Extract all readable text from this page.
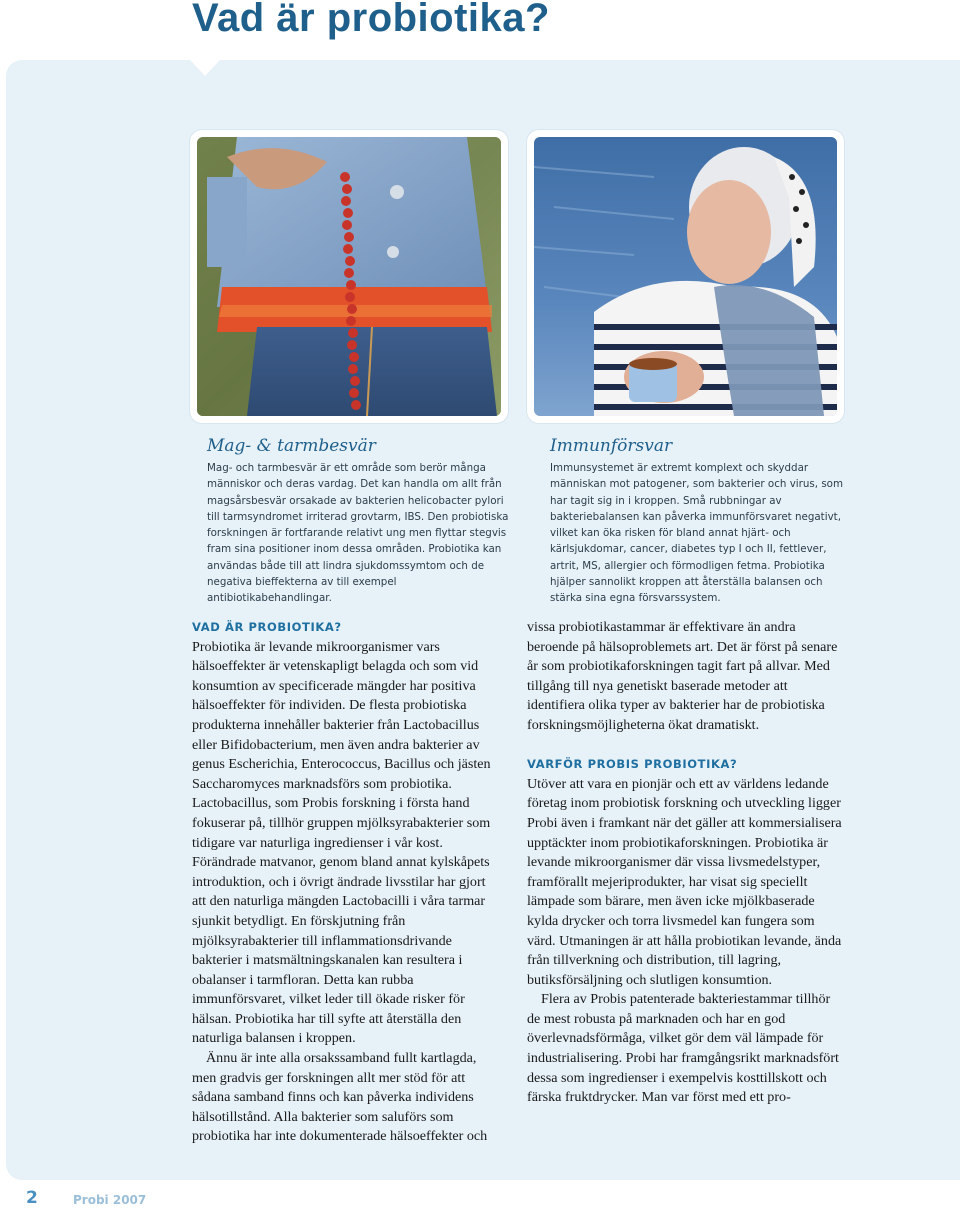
Vad är probiotika?
Mag- & tarmbesvär

Mag- och tarmbesvär är ett område som berör många människor och deras vardag. Det kan handla om allt från magsårsbesvär orsakade av bakterien helicobacter pylori till tarmsyndromet irriterad grovtarm, IBS. Den probiotiska forskningen är fortfarande relativt ung men flyttar stegvis fram sina positioner inom dessa områden. Probiotika kan användas både till att lindra sjukdomssymtom och de negativa bieffekterna av till exempel antibiotikabehandlingar.

Immunförsvar

Immunsystemet är extremt komplext och skyddar människan mot patogener, som bakterier och virus, som har tagit sig in i kroppen. Små rubbningar av bakteriebalansen kan påverka immunförsvaret negativt, vilket kan öka risken för bland annat hjärt- och kärlsjukdomar, cancer, diabetes typ I och II, fettlever, artrit, MS, allergier och förmodligen fetma. Probiotika hjälper sannolikt kroppen att återställa balansen och stärka sina egna försvarssystem.

VAD ÄR PROBIOTIKA?

Probiotika är levande mikroorganismer vars hälsoeffekter är vetenskapligt belagda och som vid konsumtion av specificerade mängder har positiva hälsoeffekter för individen. De flesta probiotiska produkterna innehåller bakterier från Lactobacillus eller Bifidobacterium, men även andra bakterier av genus Escherichia, Enterococcus, Bacillus och jästen Saccharomyces marknadsförs som probiotika. Lactobacillus, som Probis forskning i första hand fokuserar på, tillhör gruppen mjölksyrabakterier som tidigare var naturliga ingredienser i vår kost. Förändrade matvanor, genom bland annat kylskåpets introduktion, och i övrigt ändrade livsstilar har gjort att den naturliga mängden Lactobacilli i våra tarmar sjunkit betydligt. En förskjutning från mjölksyrabakterier till inflammationsdrivande bakterier i matsmältningskanalen kan resultera i obalanser i tarmfloran. Detta kan rubba immunförsvaret, vilket leder till ökade risker för hälsan. Probiotika har till syfte att återställa den naturliga balansen i kroppen.

Ännu är inte alla orsakssamband fullt kartlagda, men gradvis ger forskningen allt mer stöd för att sådana samband finns och kan påverka individens hälsotillstånd. Alla bakterier som saluförs som probiotika har inte dokumenterade hälsoeffekter och

vissa probiotikastammar är effektivare än andra beroende på hälsoproblemets art. Det är först på senare år som probiotikaforskningen tagit fart på allvar. Med tillgång till nya genetiskt baserade metoder att identifiera olika typer av bakterier har de probiotiska forskningsmöjligheterna ökat dramatiskt.

VARFÖR PROBIS PROBIOTIKA?

Utöver att vara en pionjär och ett av världens ledande företag inom probiotisk forskning och utveckling ligger Probi även i framkant när det gäller att kommersialisera upptäckter inom probiotikaforskningen. Probiotika är levande mikroorganismer där vissa livsmedelstyper, framförallt mejeriprodukter, har visat sig speciellt lämpade som bärare, men även icke mjölkbaserade kylda drycker och torra livsmedel kan fungera som värd. Utmaningen är att hålla probiotikan levande, ända från tillverkning och distribution, till lagring, butiksförsäljning och slutligen konsumtion.

Flera av Probis patenterade bakteriestammar tillhör de mest robusta på marknaden och har en god överlevnadsförmåga, vilket gör dem väl lämpade för industrialisering. Probi har framgångsrikt marknadsfört dessa som ingredienser i exempelvis kosttillskott och färska fruktdrycker. Man var först med ett pro-

2	Probi 2007
